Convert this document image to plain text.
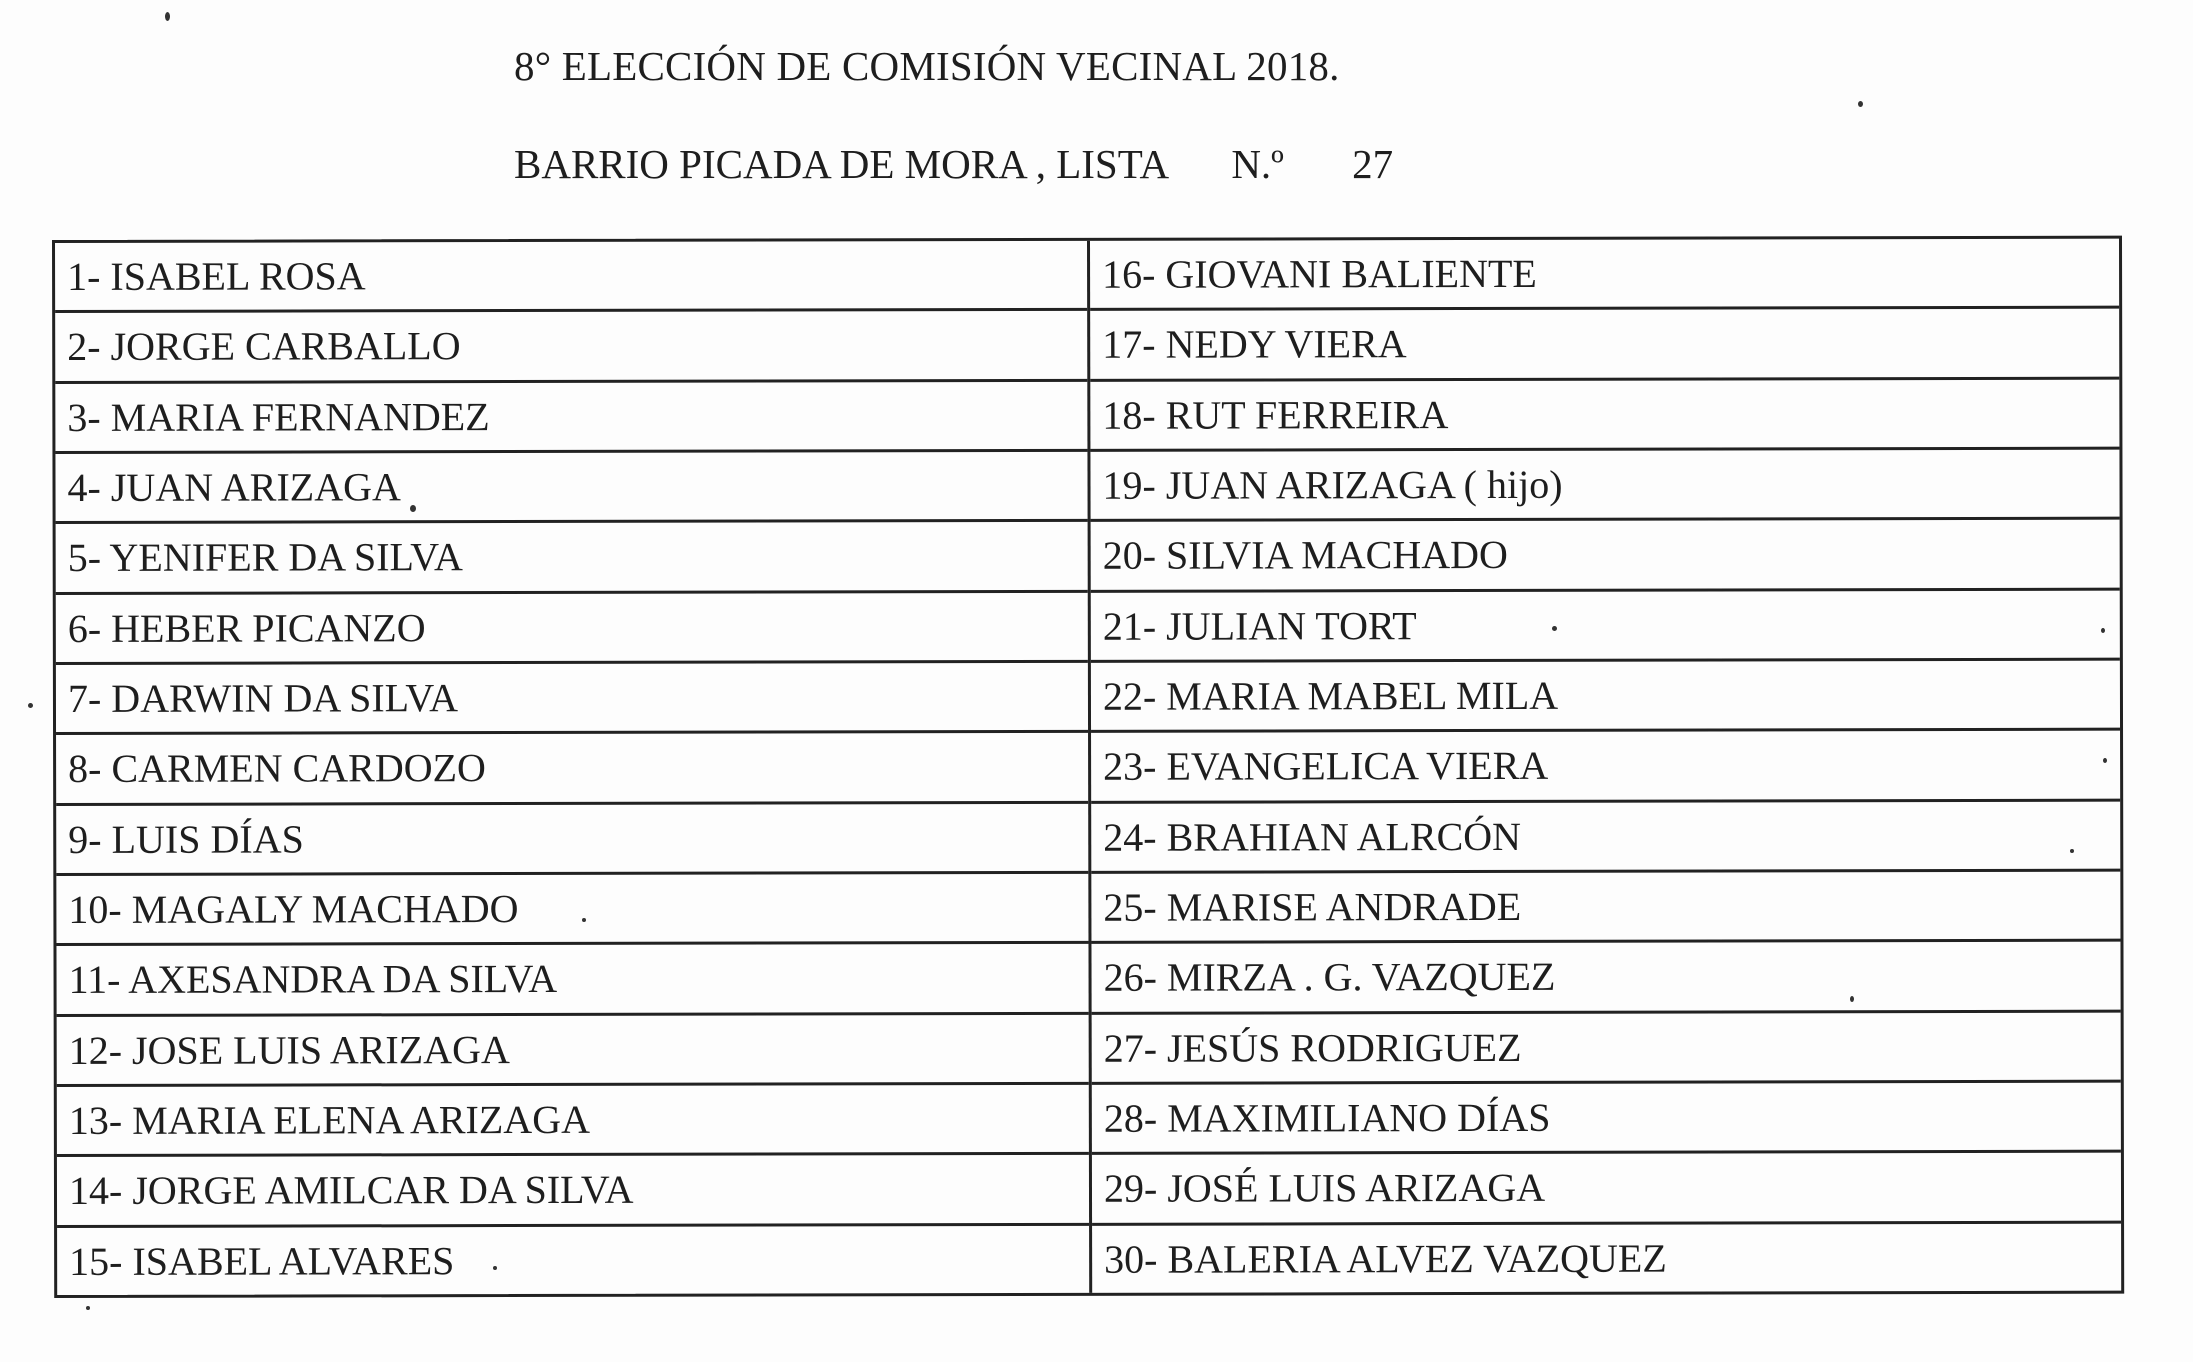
8° ELECCIÓN DE COMISIÓN VECINAL 2018.
BARRIO PICADA DE MORA , LISTA N.º 27
1- ISABEL ROSA
2- JORGE CARBALLO
3- MARIA FERNANDEZ
4- JUAN ARIZAGA
5- YENIFER DA SILVA
6- HEBER PICANZO
7- DARWIN DA SILVA
8- CARMEN CARDOZO
9- LUIS DÍAS
10- MAGALY MACHADO
11- AXESANDRA DA SILVA
12- JOSE LUIS ARIZAGA
13- MARIA ELENA ARIZAGA
14- JORGE AMILCAR DA SILVA
15- ISABEL ALVARES
16- GIOVANI BALIENTE
17- NEDY VIERA
18- RUT FERREIRA
19- JUAN ARIZAGA ( hijo)
20- SILVIA MACHADO
21- JULIAN TORT
22- MARIA MABEL MILA
23- EVANGELICA VIERA
24- BRAHIAN ALRCÓN
25- MARISE ANDRADE
26- MIRZA . G. VAZQUEZ
27- JESÚS RODRIGUEZ
28- MAXIMILIANO DÍAS
29- JOSÉ LUIS ARIZAGA
30- BALERIA ALVEZ VAZQUEZ
